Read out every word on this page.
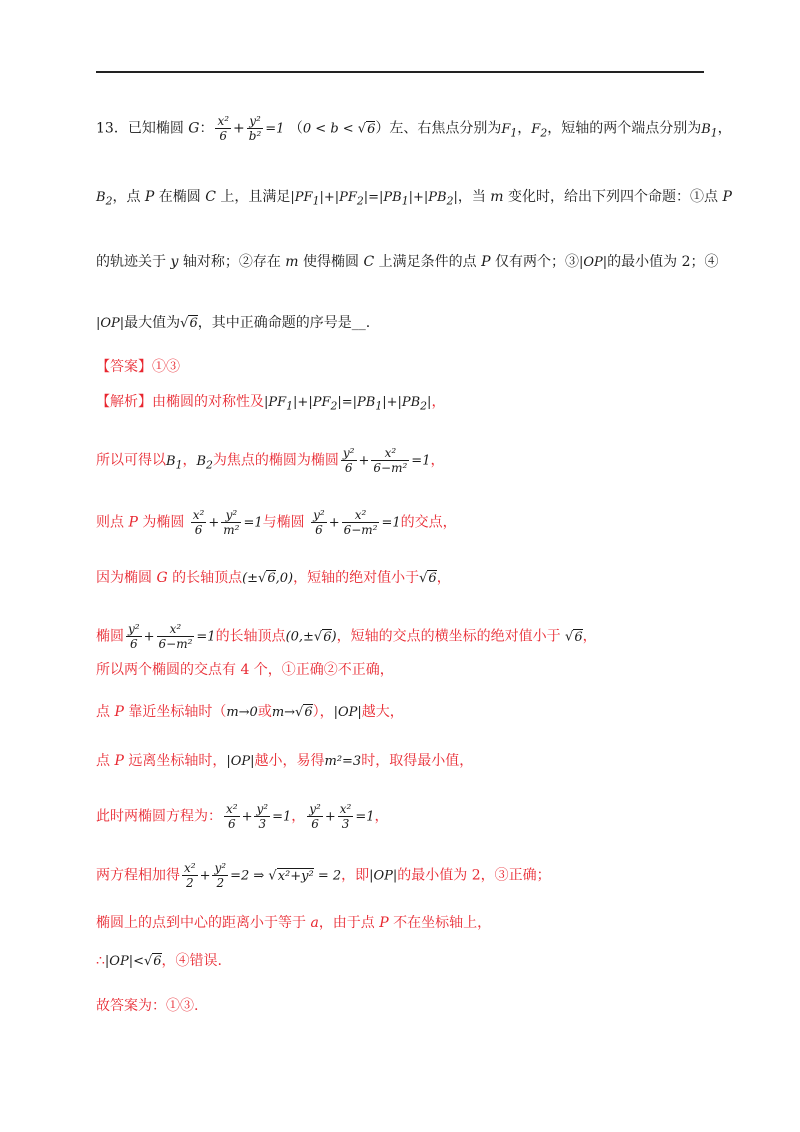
13．已知椭圆 G： $\frac{\text{x²}}{6} + \frac{\text{y²}}{\text{b²}} =1$ （0 < b < √6）左、右焦点分别为$F_1$，$F_2$，短轴的两个端点分别为$B_1$，
$B_2$，点 P 在椭圆 C 上，且满足$|PF_1|+|PF_2|=|PB_1|+|PB_2|$，当 m 变化时，给出下列四个命题：①点 P
的轨迹关于 y 轴对称；②存在 m 使得椭圆 C 上满足条件的点 P 仅有两个；③|OP|的最小值为 2；④
|OP|最大值为√6，其中正确命题的序号是__.
【答案】①③
【解析】由椭圆的对称性及$|PF_1|+|PF_2|=|PB_1|+|PB_2|$，
所以可得以$B_1$，$B_2$为焦点的椭圆为椭圆 $\frac{\text{y²}}{6} + \frac{\text{x²}}{\text{6−m²}} =1$，
则点 P 为椭圆 $\frac{\text{x²}}{6} + \frac{\text{y²}}{\text{m²}} =1$与椭圆 $\frac{\text{y²}}{6} + \frac{\text{x²}}{\text{6−m²}} =1$的交点，
因为椭圆 G 的长轴顶点(±√6,0)，短轴的绝对值小于√6，
椭圆 $\frac{\text{y²}}{6} + \frac{\text{x²}}{\text{6−m²}} =1$的长轴顶点(0,±√6)，短轴的交点的横坐标的绝对值小于 √6，
所以两个椭圆的交点有 4 个，①正确②不正确，
点 P 靠近坐标轴时（m→0或m→√6），|OP|越大，
点 P 远离坐标轴时，|OP|越小，易得m²=3时，取得最小值，
此时两椭圆方程为： $\frac{\text{x²}}{6} + \frac{\text{y²}}{3} =1$， $\frac{\text{y²}}{6} + \frac{\text{x²}}{3} =1$，
两方程相加得 $\frac{\text{x²}}{2} + \frac{\text{y²}}{2} =2$ ⇒ √x²+y² = 2，即|OP|的最小值为 2，③正确；
椭圆上的点到中心的距离小于等于 a，由于点 P 不在坐标轴上，
∴|OP|<√6，④错误.
故答案为：①③.
